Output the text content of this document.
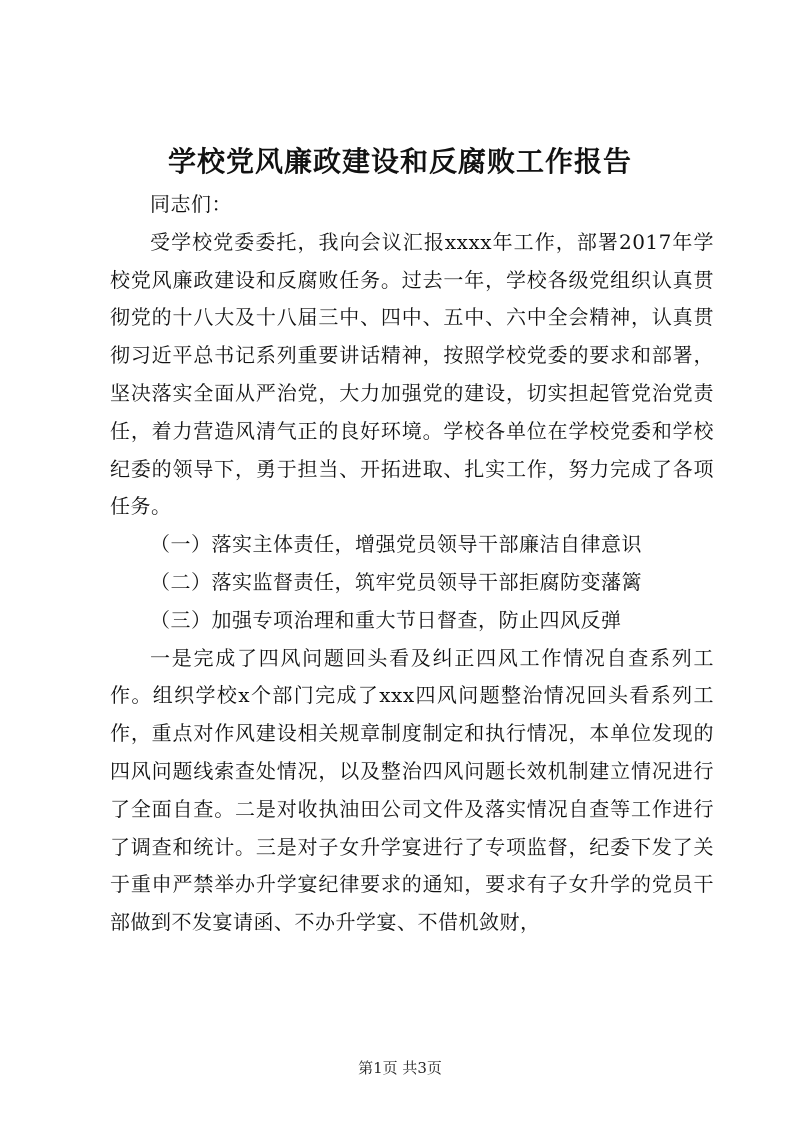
学校党风廉政建设和反腐败工作报告

同志们：

受学校党委委托，我向会议汇报xxxx年工作，部署2017年学校党风廉政建设和反腐败任务。过去一年，学校各级党组织认真贯彻党的十八大及十八届三中、四中、五中、六中全会精神，认真贯彻习近平总书记系列重要讲话精神，按照学校党委的要求和部署，坚决落实全面从严治党，大力加强党的建设，切实担起管党治党责任，着力营造风清气正的良好环境。学校各单位在学校党委和学校纪委的领导下，勇于担当、开拓进取、扎实工作，努力完成了各项任务。

（一）落实主体责任，增强党员领导干部廉洁自律意识

（二）落实监督责任，筑牢党员领导干部拒腐防变藩篱

（三）加强专项治理和重大节日督查，防止四风反弹

一是完成了四风问题回头看及纠正四风工作情况自查系列工作。组织学校x个部门完成了xxx四风问题整治情况回头看系列工作，重点对作风建设相关规章制度制定和执行情况，本单位发现的四风问题线索查处情况，以及整治四风问题长效机制建立情况进行了全面自查。二是对收执油田公司文件及落实情况自查等工作进行了调查和统计。三是对子女升学宴进行了专项监督，纪委下发了关于重申严禁举办升学宴纪律要求的通知，要求有子女升学的党员干部做到不发宴请函、不办升学宴、不借机敛财，

第1页 共3页
